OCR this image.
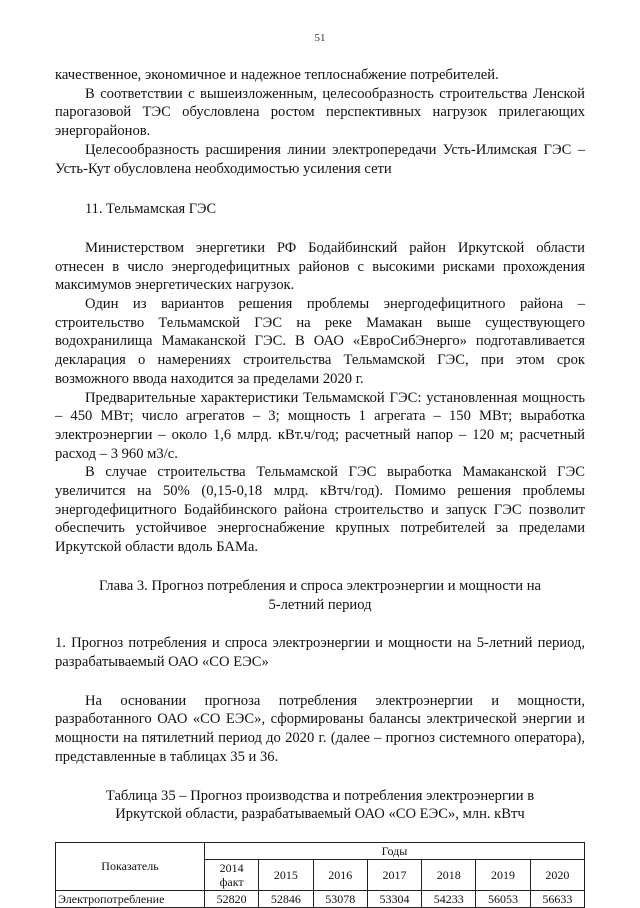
51

качественное, экономичное и надежное теплоснабжение потребителей.

В соответствии с вышеизложенным, целесообразность строительства Ленской парогазовой ТЭС обусловлена ростом перспективных нагрузок прилегающих энергорайонов.

Целесообразность расширения линии электропередачи Усть-Илимская ГЭС – Усть-Кут обусловлена необходимостью усиления сети

11. Тельмамская ГЭС

Министерством энергетики РФ Бодайбинский район Иркутской области отнесен в число энергодефицитных районов с высокими рисками прохождения максимумов энергетических нагрузок.

Один из вариантов решения проблемы энергодефицитного района – строительство Тельмамской ГЭС на реке Мамакан выше существующего водохранилища Мамаканской ГЭС. В ОАО «ЕвроСибЭнерго» подготавливается декларация о намерениях строительства Тельмамской ГЭС, при этом срок возможного ввода находится за пределами 2020 г.

Предварительные характеристики Тельмамской ГЭС: установленная мощность – 450 МВт; число агрегатов – 3; мощность 1 агрегата – 150 МВт; выработка электроэнергии – около 1,6 млрд. кВт.ч/год; расчетный напор – 120 м; расчетный расход – 3 960 м3/с.

В случае строительства Тельмамской ГЭС выработка Мамаканской ГЭС увеличится на 50% (0,15-0,18 млрд. кВтч/год). Помимо решения проблемы энергодефицитного Бодайбинского района строительство и запуск ГЭС позволит обеспечить устойчивое энергоснабжение крупных потребителей за пределами Иркутской области вдоль БАМа.

Глава 3. Прогноз потребления и спроса электроэнергии и мощности на
5-летний период

1. Прогноз потребления и спроса электроэнергии и мощности на 5-летний период, разрабатываемый ОАО «СО ЕЭС»

На основании прогноза потребления электроэнергии и мощности, разработанного ОАО «СО ЕЭС», сформированы балансы электрической энергии и мощности на пятилетний период до 2020 г. (далее – прогноз системного оператора), представленные в таблицах 35 и 36.

Таблица 35 – Прогноз производства и потребления электроэнергии в
Иркутской области, разрабатываемый ОАО «СО ЕЭС», млн. кВтч

Показатель	Годы						
	2014 факт	2015	2016	2017	2018	2019	2020
Электропотребление	52820	52846	53078	53304	54233	56053	56633
